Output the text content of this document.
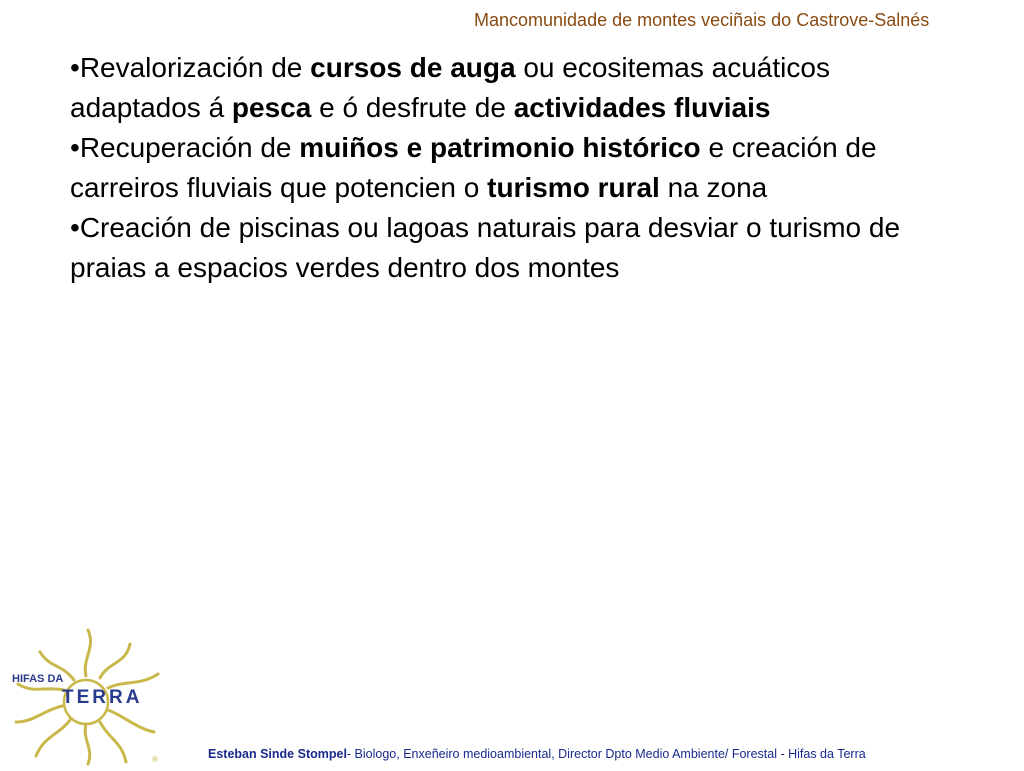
Mancomunidade de montes veciñais do Castrove-Salnés

•Revalorización de cursos de auga ou ecositemas acuáticos adaptados á pesca e ó desfrute de actividades fluviais

•Recuperación de muiños e patrimonio histórico e creación de carreiros fluviais que potencien o turismo rural na zona

•Creación de piscinas ou lagoas naturais para desviar o turismo de praias a espacios verdes dentro dos montes

HIFAS DA
TERRA
®	Esteban Sinde Stompel- Biologo, Enxeñeiro medioambiental, Director Dpto Medio Ambiente/ Forestal - Hifas da Terra
